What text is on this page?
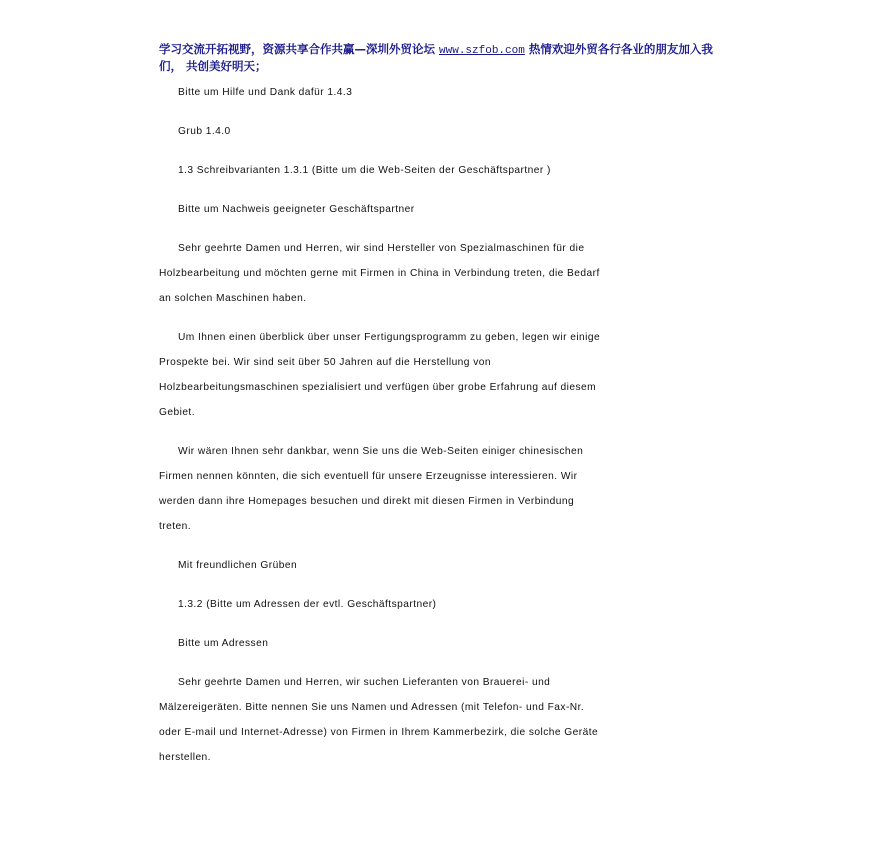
学习交流开拓视野，资源共享合作共赢—深圳外贸论坛 www.szfob.com 热情欢迎外贸各行各业的朋友加入我们， 共创美好明天；
Bitte um Hilfe und Dank dafür 1.4.3
Grub 1.4.0
1.3 Schreibvarianten 1.3.1 (Bitte um die Web-Seiten der Geschäftspartner )
Bitte um Nachweis geeigneter Geschäftspartner
Sehr geehrte Damen und Herren, wir sind Hersteller von Spezialmaschinen für die
Holzbearbeitung und möchten gerne mit Firmen in China in Verbindung treten, die Bedarf
an solchen Maschinen haben.
Um Ihnen einen überblick über unser Fertigungsprogramm zu geben, legen wir einige
Prospekte bei. Wir sind seit über 50 Jahren auf die Herstellung von
Holzbearbeitungsmaschinen spezialisiert und verfügen über grobe Erfahrung auf diesem
Gebiet.
Wir wären Ihnen sehr dankbar, wenn Sie uns die Web-Seiten einiger chinesischen
Firmen nennen könnten, die sich eventuell für unsere Erzeugnisse interessieren. Wir
werden dann ihre Homepages besuchen und direkt mit diesen Firmen in Verbindung
treten.
Mit freundlichen Grüben
1.3.2 (Bitte um Adressen der evtl. Geschäftspartner)
Bitte um Adressen
Sehr geehrte Damen und Herren, wir suchen Lieferanten von Brauerei- und
Mälzereigeräten. Bitte nennen Sie uns Namen und Adressen (mit Telefon- und Fax-Nr.
oder E-mail und Internet-Adresse) von Firmen in Ihrem Kammerbezirk, die solche Geräte
herstellen.
